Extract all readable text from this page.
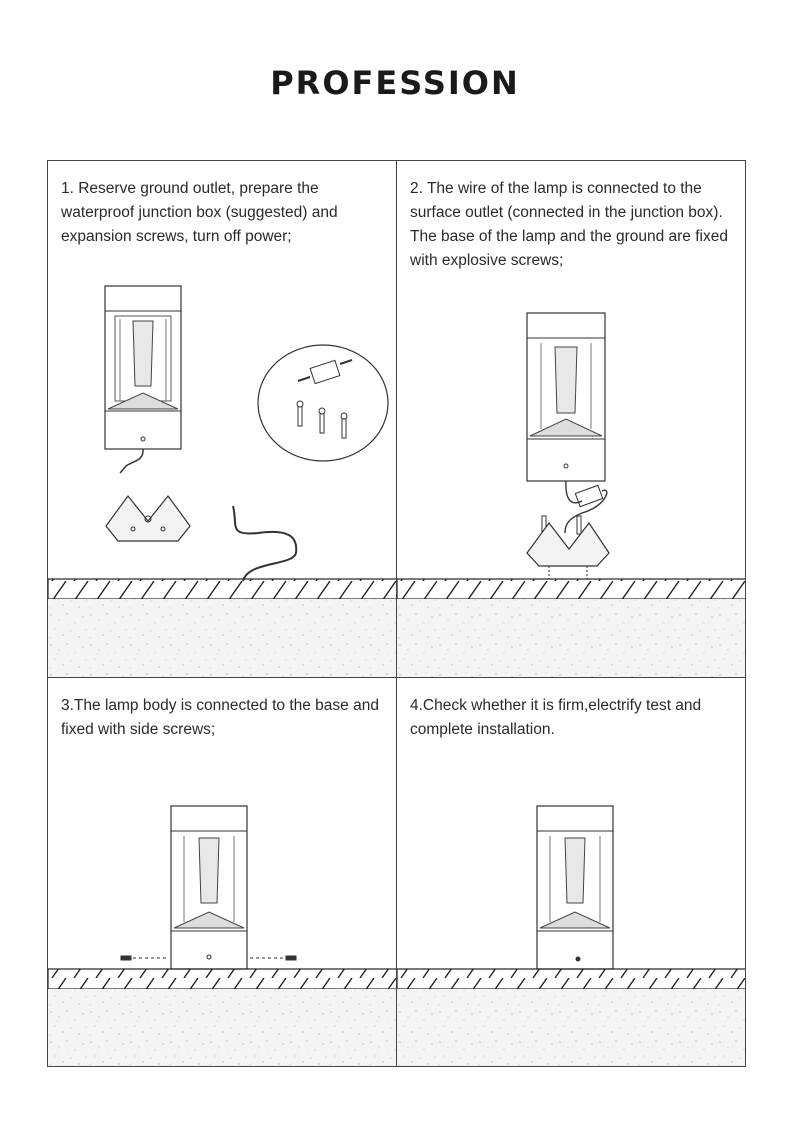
PROFESSION

1. Reserve ground outlet, prepare the waterproof junction box (suggested) and expansion screws, turn off power;

2. The wire of the lamp is connected to the surface outlet (connected in the junction box). The base of the lamp and the ground are fixed with explosive screws;

3.The lamp body is connected to the base and fixed with side screws;

4.Check whether it is firm,electrify test and complete installation.
